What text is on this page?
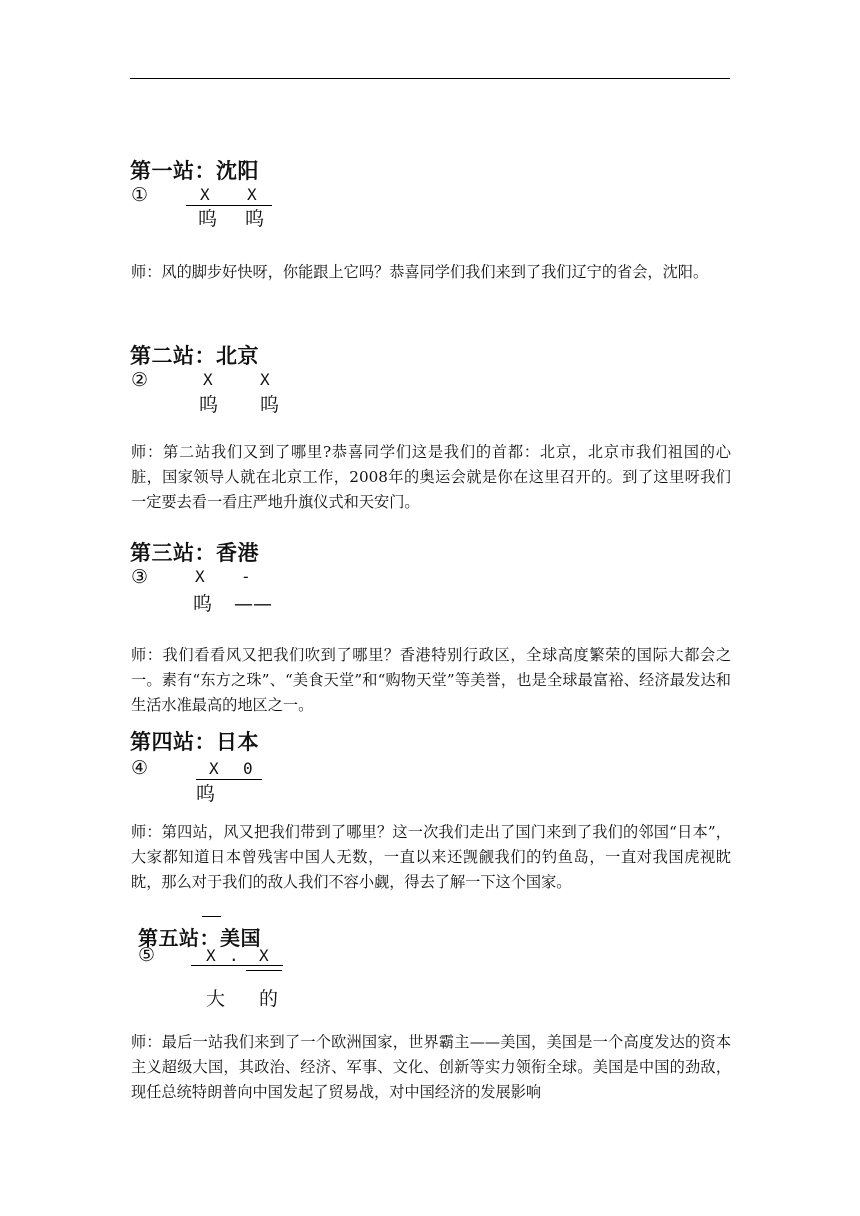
第一站：沈阳
①	X X
呜 呜

师：风的脚步好快呀，你能跟上它吗？恭喜同学们我们来到了我们辽宁的省会，沈阳。

第二站：北京
②	X	X
呜 呜

师：第二站我们又到了哪里?恭喜同学们这是我们的首都：北京，北京市我们祖国的心脏，国家领导人就在北京工作，2008年的奥运会就是你在这里召开的。到了这里呀我们一定要去看一看庄严地升旗仪式和天安门。

第三站：香港
③	X -
呜 ——

师：我们看看风又把我们吹到了哪里？香港特别行政区，全球高度繁荣的国际大都会之一。素有“东方之珠”、“美食天堂”和“购物天堂”等美誉，也是全球最富裕、经济最发达和生活水准最高的地区之一。

第四站：日本
④	X 0
呜

师：第四站，风又把我们带到了哪里？这一次我们走出了国门来到了我们的邻国“日本”，大家都知道日本曾残害中国人无数，一直以来还觊觎我们的钓鱼岛，一直对我国虎视眈眈，那么对于我们的敌人我们不容小觑，得去了解一下这个国家。

第五站：美国
⑤	X . X
大 的

师：最后一站我们来到了一个欧洲国家，世界霸主——美国，美国是一个高度发达的资本主义超级大国，其政治、经济、军事、文化、创新等实力领衔全球。美国是中国的劲敌，现任总统特朗普向中国发起了贸易战，对中国经济的发展影响
